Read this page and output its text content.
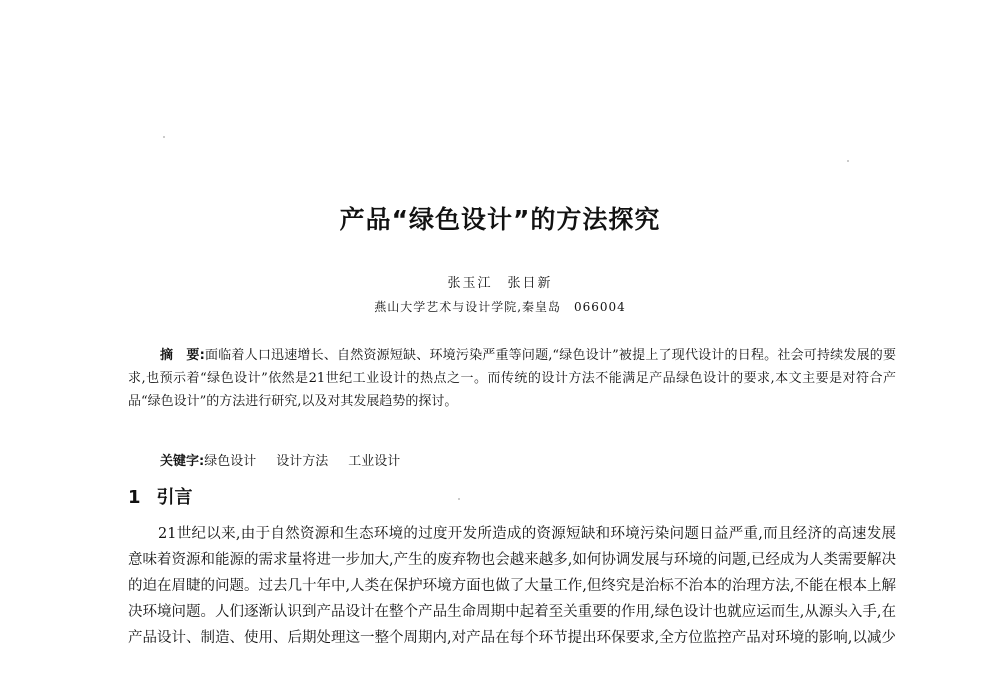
产品“绿色设计”的方法探究
张玉江　张日新
燕山大学艺术与设计学院,秦皇岛　066004

摘　要:面临着人口迅速增长、自然资源短缺、环境污染严重等问题,“绿色设计”被提上了现代设计的日程。社会可持续发展的要求,也预示着“绿色设计”依然是21世纪工业设计的热点之一。而传统的设计方法不能满足产品绿色设计的要求,本文主要是对符合产品“绿色设计”的方法进行研究,以及对其发展趋势的探讨。

关键字:绿色设计 设计方法 工业设计

1 引言

21世纪以来,由于自然资源和生态环境的过度开发所造成的资源短缺和环境污染问题日益严重,而且经济的高速发展意味着资源和能源的需求量将进一步加大,产生的废弃物也会越来越多,如何协调发展与环境的问题,已经成为人类需要解决的迫在眉睫的问题。过去几十年中,人类在保护环境方面也做了大量工作,但终究是治标不治本的治理方法,不能在根本上解决环境问题。人们逐渐认识到产品设计在整个产品生命周期中起着至关重要的作用,绿色设计也就应运而生,从源头入手,在产品设计、制造、使用、后期处理这一整个周期内,对产品在每个环节提出环保要求,全方位监控产品对环境的影响,以减少
